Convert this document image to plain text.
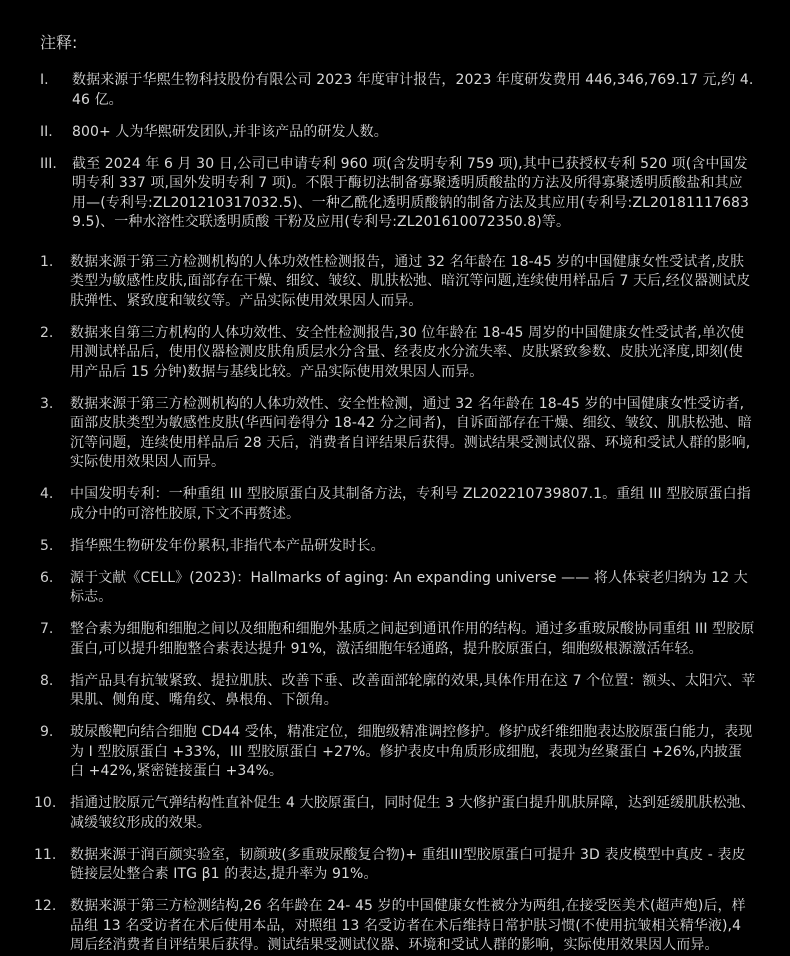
注释:
I.	数据来源于华熙生物科技股份有限公司 2023 年度审计报告，2023 年度研发费用 446,346,769.17 元,约 4.46 亿。
II.	800+ 人为华熙研发团队,并非该产品的研发人数。
III.	截至 2024 年 6 月 30 日,公司已申请专利 960 项(含发明专利 759 项),其中已获授权专利 520 项(含中国发明专利 337 项,国外发明专利 7 项)。不限于酶切法制备寡聚透明质酸盐的方法及所得寡聚透明质酸盐和其应用—(专利号:ZL201210317032.5)、一种乙酰化透明质酸钠的制备方法及其应用(专利号:ZL201811176839.5)、一种水溶性交联透明质酸 干粉及应用(专利号:ZL201610072350.8)等。
1.	数据来源于第三方检测机构的人体功效性检测报告，通过 32 名年龄在 18-45 岁的中国健康女性受试者,皮肤类型为敏感性皮肤,面部存在干燥、细纹、皱纹、肌肤松弛、暗沉等问题,连续使用样品后 7 天后,经仪器测试皮肤弹性、紧致度和皱纹等。产品实际使用效果因人而异。
2.	数据来自第三方机构的人体功效性、安全性检测报告,30 位年龄在 18-45 周岁的中国健康女性受试者,单次使用测试样品后，使用仪器检测皮肤角质层水分含量、经表皮水分流失率、皮肤紧致参数、皮肤光泽度,即刻(使用产品后 15 分钟)数据与基线比较。产品实际使用效果因人而异。
3.	数据来源于第三方检测机构的人体功效性、安全性检测，通过 32 名年龄在 18-45 岁的中国健康女性受访者,面部皮肤类型为敏感性皮肤(华西问卷得分 18-42 分之间者)，自诉面部存在干燥、细纹、皱纹、肌肤松弛、暗沉等问题，连续使用样品后 28 天后，消费者自评结果后获得。测试结果受测试仪器、环境和受试人群的影响,实际使用效果因人而异。
4.	中国发明专利：一种重组 III 型胶原蛋白及其制备方法，专利号 ZL202210739807.1。重组 III 型胶原蛋白指成分中的可溶性胶原,下文不再赘述。
5.	指华熙生物研发年份累积,非指代本产品研发时长。
6.	源于文献《CELL》(2023)：Hallmarks of aging: An expanding universe —— 将人体衰老归纳为 12 大标志。
7.	整合素为细胞和细胞之间以及细胞和细胞外基质之间起到通讯作用的结构。通过多重玻尿酸协同重组 III 型胶原蛋白,可以提升细胞整合素表达提升 91%，激活细胞年轻通路，提升胶原蛋白，细胞级根源激活年轻。
8.	指产品具有抗皱紧致、提拉肌肤、改善下垂、改善面部轮廓的效果,具体作用在这 7 个位置：额头、太阳穴、苹果肌、侧角度、嘴角纹、鼻根角、下颌角。
9.	玻尿酸靶向结合细胞 CD44 受体，精准定位，细胞级精准调控修护。修护成纤维细胞表达胶原蛋白能力，表现为 I 型胶原蛋白 +33%，III 型胶原蛋白 +27%。修护表皮中角质形成细胞，表现为丝聚蛋白 +26%,内披蛋白 +42%,紧密链接蛋白 +34%。
10. 指通过胶原元气弹结构性直补促生 4 大胶原蛋白，同时促生 3 大修护蛋白提升肌肤屏障，达到延缓肌肤松弛、减缓皱纹形成的效果。
11. 数据来源于润百颜实验室，韧颜玻(多重玻尿酸复合物)+ 重组III型胶原蛋白可提升 3D 表皮模型中真皮 - 表皮链接层处整合素 ITG β1 的表达,提升率为 91%。
12. 数据来源于第三方检测结构,26 名年龄在 24- 45 岁的中国健康女性被分为两组,在接受医美术(超声炮)后，样品组 13 名受访者在术后使用本品，对照组 13 名受访者在术后维持日常护肤习惯(不使用抗皱相关精华液),4 周后经消费者自评结果后获得。测试结果受测试仪器、环境和受试人群的影响，实际使用效果因人而异。
